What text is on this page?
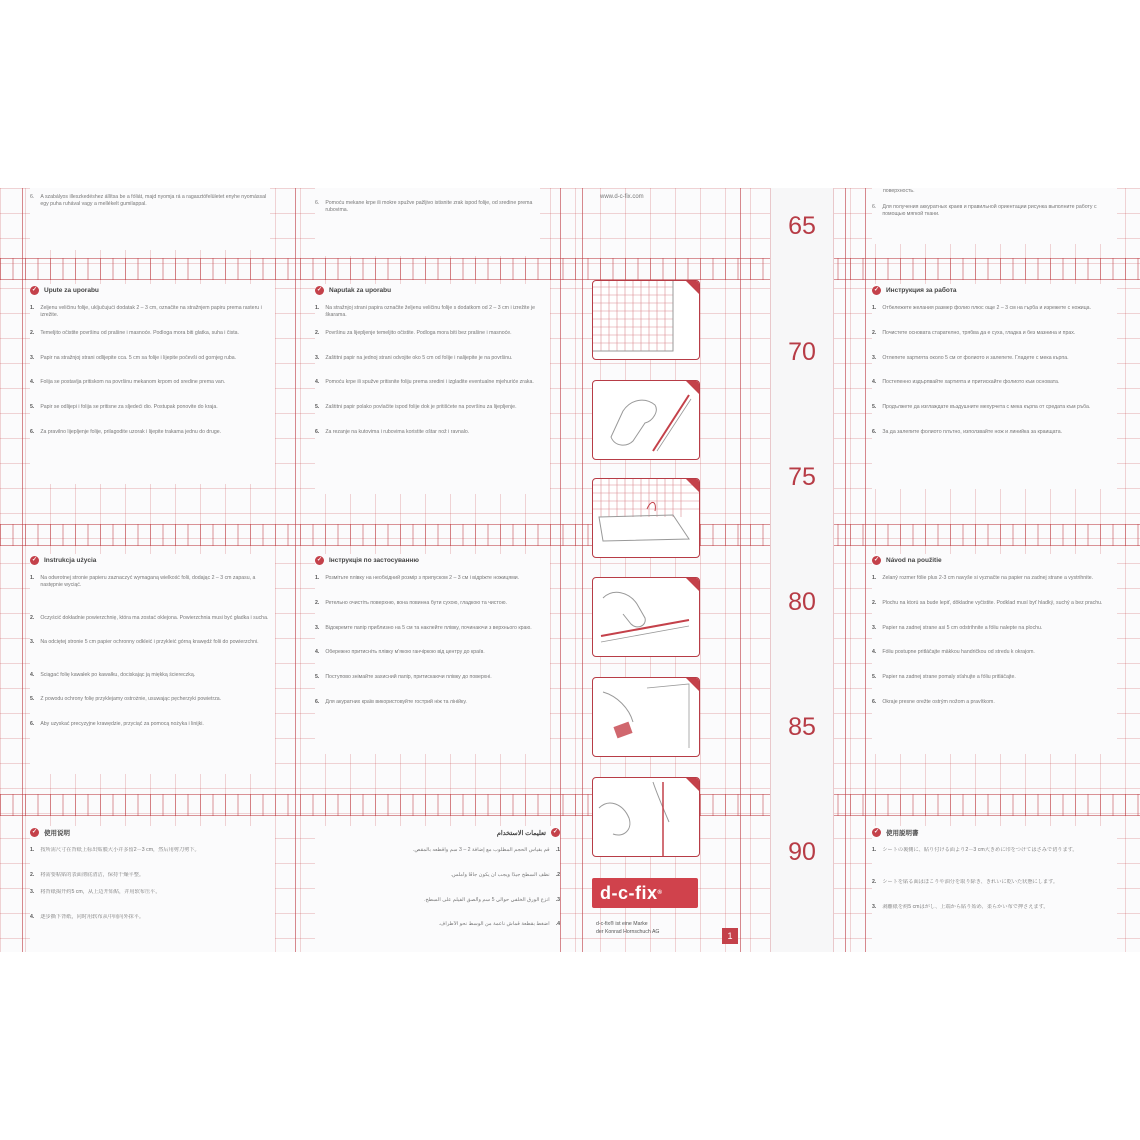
6. A szabályos illeszkedéshez állítsa be a fóliát, majd nyomja rá a ragasztófelületet enyhe nyomással egy puha ruhával vagy a mellékelt gumilappal.	6. Pomoću mekane krpe ili mokre spužve pažljivo istisnite zrak ispod folije, od sredine prema rubovima.
поверхность.
6. Для получения аккуратных краев и правильной ориентации рисунка выполните работу с помощью мягкой ткани.
✓	Upute za uporabu
1. Željenu veličinu folije, uključujući dodatak 2 – 3 cm, označite na stražnjem papiru prema rasteru i izrežite.
2. Temeljito očistite površinu od prašine i masnoće. Podloga mora biti glatka, suha i čista.
3. Papir na stražnjoj strani odlijepite cca. 5 cm sa folije i lijepite počevši od gornjeg ruba.
4. Folija se postavlja pritiskom na površinu mekanom krpom od sredine prema van.
5. Papir se odlijepi i folija se pritisne za sljedeći dio. Postupak ponovite do kraja.
6. Za pravilno lijepljenje folije, prilagodite uzorak i lijepite trakama jednu do druge.
✓	Naputak za uporabu
1. Na stražnjoj strani papira označite željenu veličinu folije s dodatkom od 2 – 3 cm i izrežite je škarama.
2. Površinu za lijepljenje temeljito očistite. Podloga mora biti bez prašine i masnoće.
3. Zaštitni papir na jednoj strani odvojite oko 5 cm od folije i nalijepite je na površinu.
4. Pomoću krpe ili spužve pritisnite foliju prema sredini i izgladite eventualne mjehuriće zraka.
5. Zaštitni papir polako povlačite ispod folije dok je pritišćete na površinu za lijepljenje.
6. Za rezanje na kutovima i rubovima koristite oštar nož i ravnalo.
✓	Инструкция за работа
1. Отбележете желания размер фолио плюс още 2 – 3 см на гърба и изрежете с ножица.
2. Почистете основата старателно, трябва да е суха, гладка и без мазнина и прах.
3. Отлепете хартията около 5 см от фолиото и залепете. Гладете с мека кърпа.
4. Постепенно издърпвайте хартията и притискайте фолиото към основата.
5. Продължете да изглаждате въздушните мехурчета с мека кърпа от средата към ръба.
6. За да залепите фолиото плътно, използвайте нож и линийка за краищата.
✓	Instrukcja użycia
1. Na odwrotnej stronie papieru zaznaczyć wymaganą wielkość folii, dodając 2 – 3 cm zapasu, a następnie wyciąć.
2. Oczyścić dokładnie powierzchnię, która ma zostać oklejona. Powierzchnia musi być gładka i sucha.
3. Na odciętej stronie 5 cm papier ochronny odkleić i przykleić górną krawędź folii do powierzchni.
4. Ściągać folię kawałek po kawałku, dociskając ją miękką ściereczką.
5. Z powodu ochrony folię przyklejamy ostrożnie, usuwając pęcherzyki powietrza.
6. Aby uzyskać precyzyjne krawędzie, przyciąć za pomocą nożyka i linijki.
✓	Інструкція по застосуванню
1. Розмітьте плівку на необхідний розмір з припуском 2 – 3 см і відріжте ножицями.
2. Ретельно очистіть поверхню, вона повинна бути сухою, гладкою та чистою.
3. Відокремте папір приблизно на 5 см та наклейте плівку, починаючи з верхнього краю.
4. Обережно притисніть плівку м'якою ганчіркою від центру до країв.
5. Поступово знімайте захисний папір, притискаючи плівку до поверхні.
6. Для акуратних країв використовуйте гострий ніж та лінійку.
✓	Návod na použitie
1. Želaný rozmer fólie plus 2-3 cm navyše si vyznačte na papier na zadnej strane a vystrihnite.
2. Plochu na ktorú sa bude lepiť, dôkladne vyčistite. Podklad musí byť hladký, suchý a bez prachu.
3. Papier na zadnej strane asi 5 cm odstrihnite a fóliu nalepte na plochu.
4. Fóliu postupne pritláčajte mäkkou handričkou od stredu k okrajom.
5. Papier na zadnej strane pomaly sťahujte a fóliu pritláčajte.
6. Okraje presne orežte ostrým nožom a pravítkom.
✓	使用说明
1. 按所需尺寸在背纸上标出贴膜大小并多留2－3 cm，然后用剪刀剪下。
2. 将需要粘贴的表面彻底清洁，保持干燥平整。
3. 将背纸揭开约5 cm，从上边开始贴，并用软布压平。
4. 逐步撕下背纸，同时用软布从中间向外抹平。
✓
تعليمات الاستخدام
1.
قم بقياس الحجم المطلوب مع إضافة 2 – 3 سم واقطعه بالمقص.
2.
نظّف السطح جيدًا ويجب أن يكون جافًا وأملس.
3.
انزع الورق الخلفي حوالي 5 سم وألصق الفيلم على السطح.
4.
اضغط بقطعة قماش ناعمة من الوسط نحو الأطراف.
✓	使用説明書
1. シートの裏側に、貼り付ける面より2－3 cm大きめに印をつけてはさみで切ります。
2. シートを貼る面はほこりや油分を取り除き、きれいに乾いた状態にします。
3. 剥離紙を約5 cmはがし、上端から貼り始め、柔らかい布で押さえます。
www.d-c-fix.com
d-c-fix ®
d-c-fix® ist eine Marke
der Konrad Hornschuch AG	1
65
70
75
80
85
90
